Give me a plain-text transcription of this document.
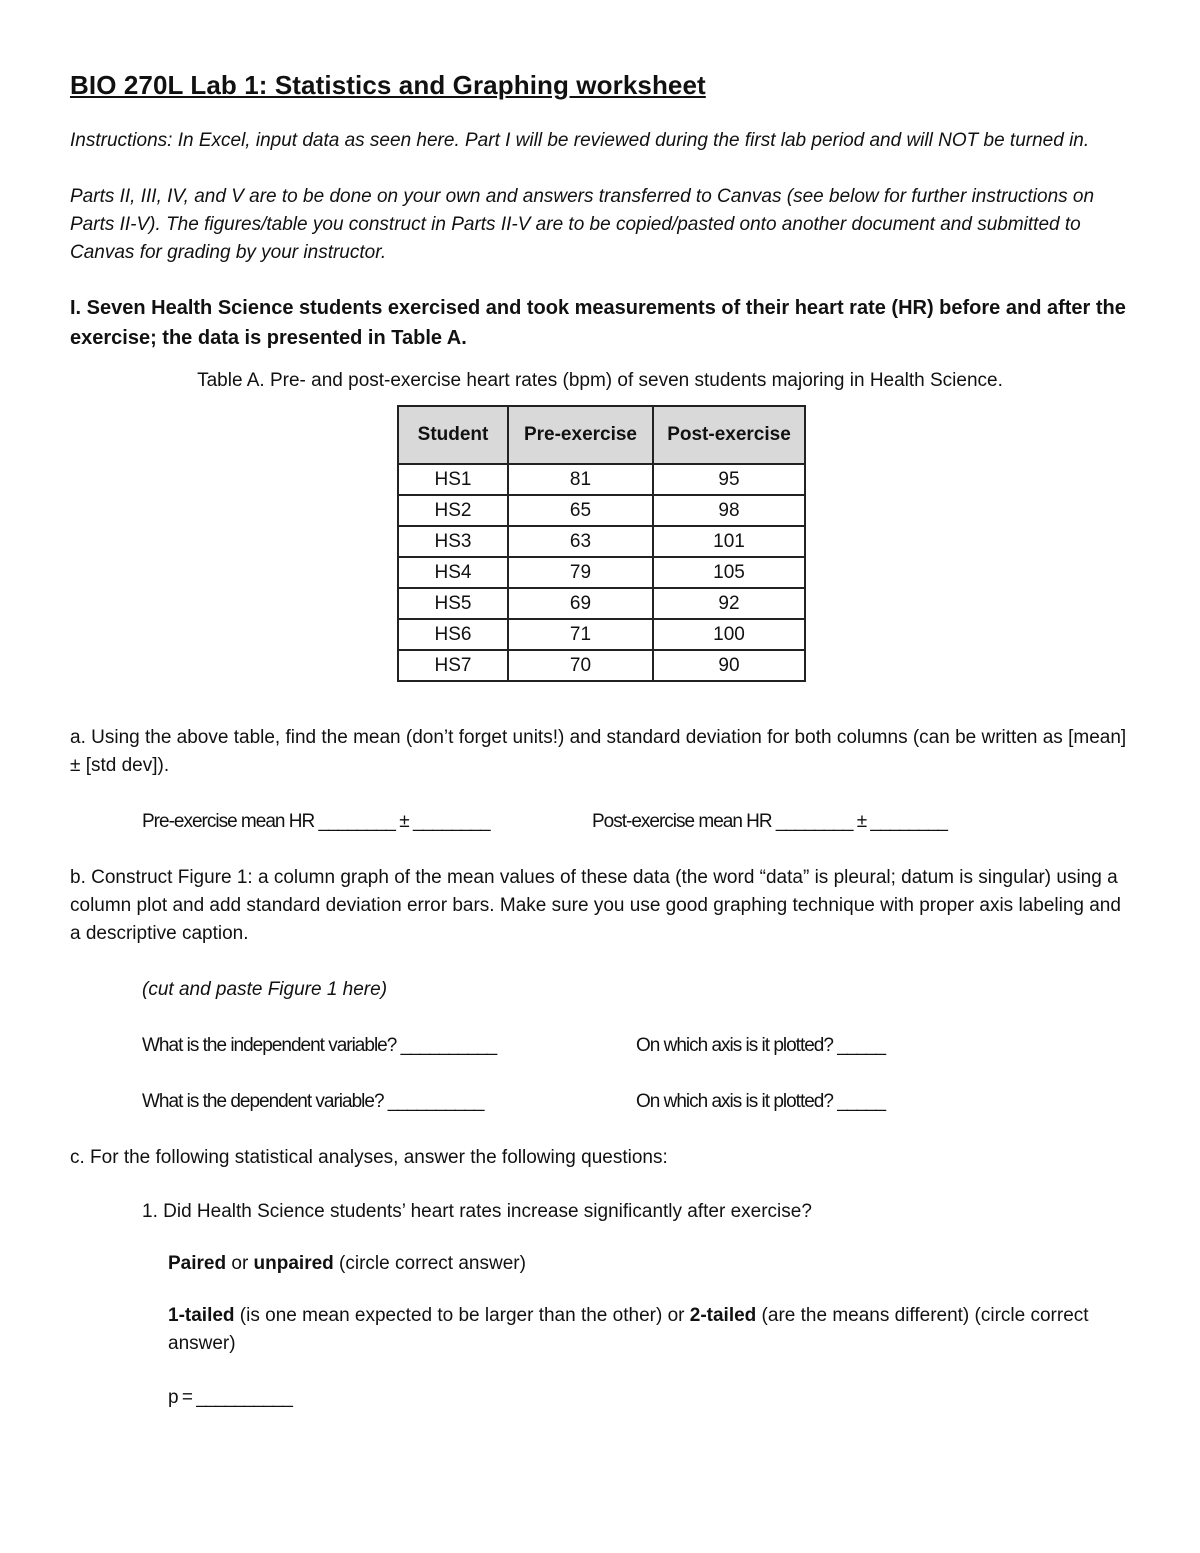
BIO 270L Lab 1: Statistics and Graphing worksheet

Instructions: In Excel, input data as seen here. Part I will be reviewed during the first lab period and will NOT be turned in.

Parts II, III, IV, and V are to be done on your own and answers transferred to Canvas (see below for further instructions on Parts II-V). The figures/table you construct in Parts II-V are to be copied/pasted onto another document and submitted to Canvas for grading by your instructor.

I. Seven Health Science students exercised and took measurements of their heart rate (HR) before and after the exercise; the data is presented in Table A.

Table A. Pre- and post-exercise heart rates (bpm) of seven students majoring in Health Science.

Student	Pre-exercise	Post-exercise
HS1	81	95
HS2	65	98
HS3	63	101
HS4	79	105
HS5	69	92
HS6	71	100
HS7	70	90

a. Using the above table, find the mean (don’t forget units!) and standard deviation for both columns (can be written as [mean] ± [std dev]).

Pre-exercise mean HR ________ ± ________	Post-exercise mean HR ________ ± ________

b. Construct Figure 1: a column graph of the mean values of these data (the word “data” is pleural; datum is singular) using a column plot and add standard deviation error bars. Make sure you use good graphing technique with proper axis labeling and a descriptive caption.

(cut and paste Figure 1 here)

What is the independent variable? __________	On which axis is it plotted? _____

What is the dependent variable? __________	On which axis is it plotted? _____

c. For the following statistical analyses, answer the following questions:

1. Did Health Science students’ heart rates increase significantly after exercise?

Paired or unpaired (circle correct answer)

1-tailed (is one mean expected to be larger than the other) or 2-tailed (are the means different) (circle correct answer)

p = __________
